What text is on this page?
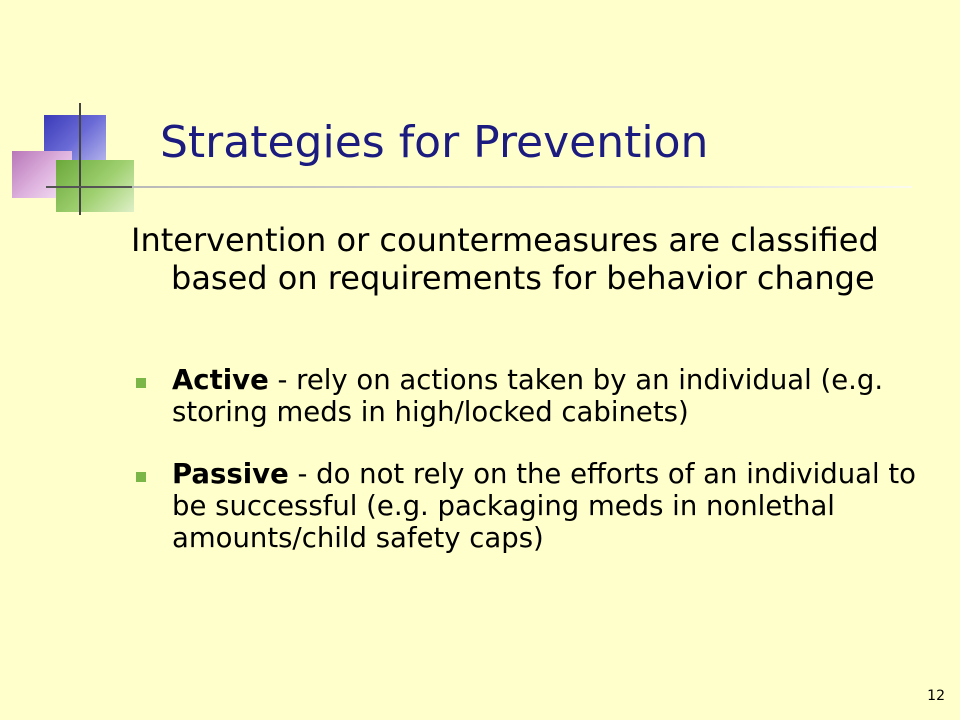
Strategies for Prevention
Intervention or countermeasures are classified based on requirements for behavior change
Active - rely on actions taken by an individual (e.g. storing meds in high/locked cabinets)
Passive - do not rely on the efforts of an individual to be successful (e.g. packaging meds in nonlethal amounts/child safety caps)
12
